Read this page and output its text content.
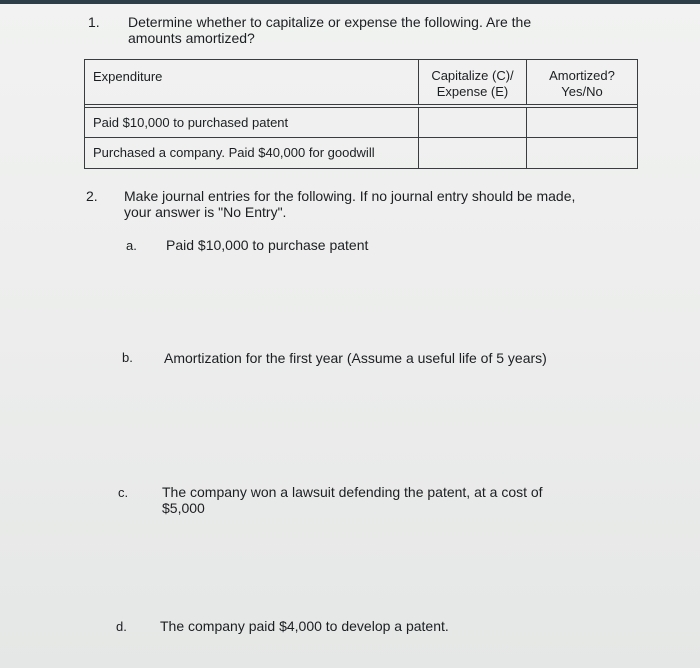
1. Determine whether to capitalize or expense the following. Are the
amounts amortized?
Expenditure	Capitalize (C)/
Expense (E)
Amortized?
Yes/No
Paid $10,000 to purchased patent
Purchased a company. Paid $40,000 for goodwill
2. Make journal entries for the following. If no journal entry should be made,
your answer is "No Entry".
a. Paid $10,000 to purchase patent
b. Amortization for the first year (Assume a useful life of 5 years)
c. The company won a lawsuit defending the patent, at a cost of
$5,000
d. The company paid $4,000 to develop a patent.
